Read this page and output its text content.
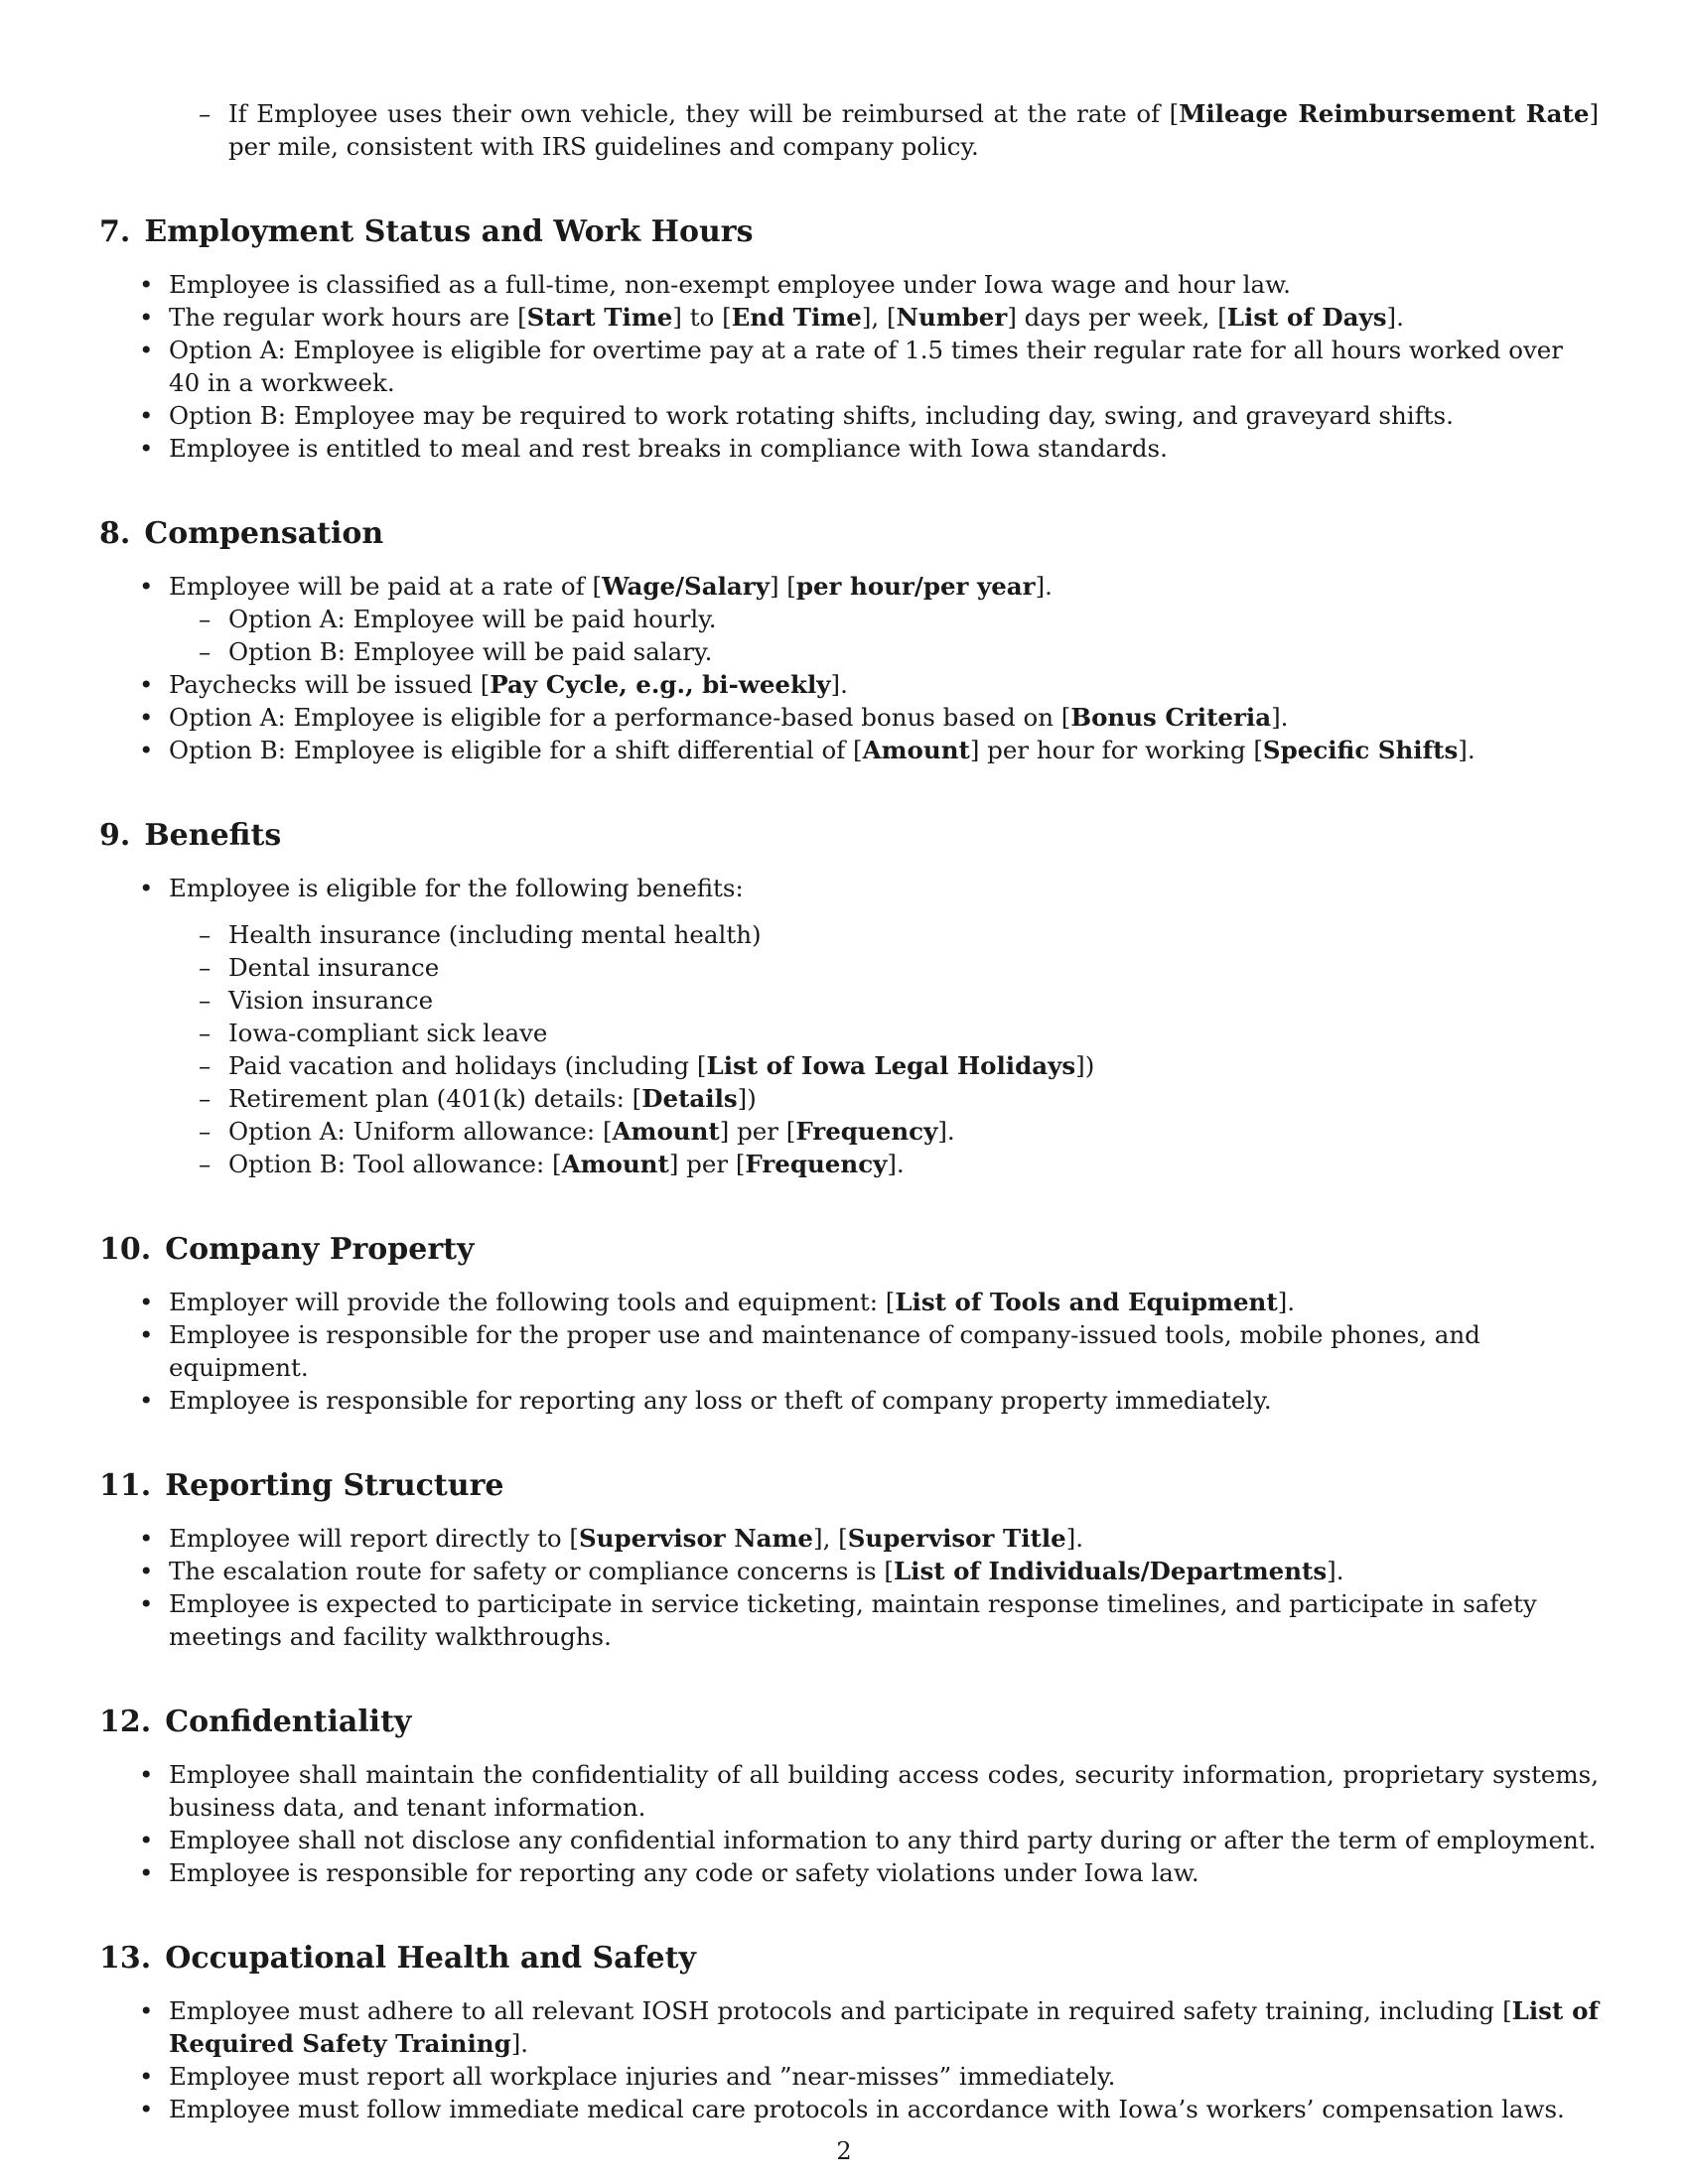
– If Employee uses their own vehicle, they will be reimbursed at the rate of [Mileage Reimbursement Rate] per mile, consistent with IRS guidelines and company policy.
7. Employment Status and Work Hours
• Employee is classified as a full-time, non-exempt employee under Iowa wage and hour law.
• The regular work hours are [Start Time] to [End Time], [Number] days per week, [List of Days].
• Option A: Employee is eligible for overtime pay at a rate of 1.5 times their regular rate for all hours worked over 40 in a workweek.
• Option B: Employee may be required to work rotating shifts, including day, swing, and graveyard shifts.
• Employee is entitled to meal and rest breaks in compliance with Iowa standards.
8. Compensation
• Employee will be paid at a rate of [Wage/Salary] [per hour/per year].
– Option A: Employee will be paid hourly.
– Option B: Employee will be paid salary.
• Paychecks will be issued [Pay Cycle, e.g., bi-weekly].
• Option A: Employee is eligible for a performance-based bonus based on [Bonus Criteria].
• Option B: Employee is eligible for a shift differential of [Amount] per hour for working [Specific Shifts].
9. Benefits
• Employee is eligible for the following benefits:
– Health insurance (including mental health)
– Dental insurance
– Vision insurance
– Iowa-compliant sick leave
– Paid vacation and holidays (including [List of Iowa Legal Holidays])
– Retirement plan (401(k) details: [Details])
– Option A: Uniform allowance: [Amount] per [Frequency].
– Option B: Tool allowance: [Amount] per [Frequency].
10. Company Property
• Employer will provide the following tools and equipment: [List of Tools and Equipment].
• Employee is responsible for the proper use and maintenance of company-issued tools, mobile phones, and equipment.
• Employee is responsible for reporting any loss or theft of company property immediately.
11. Reporting Structure
• Employee will report directly to [Supervisor Name], [Supervisor Title].
• The escalation route for safety or compliance concerns is [List of Individuals/Departments].
• Employee is expected to participate in service ticketing, maintain response timelines, and participate in safety meetings and facility walkthroughs.
12. Confidentiality
• Employee shall maintain the confidentiality of all building access codes, security information, proprietary systems, business data, and tenant information.
• Employee shall not disclose any confidential information to any third party during or after the term of employment.
• Employee is responsible for reporting any code or safety violations under Iowa law.
13. Occupational Health and Safety
• Employee must adhere to all relevant IOSH protocols and participate in required safety training, including [List of Required Safety Training].
• Employee must report all workplace injuries and ”near-misses” immediately.
• Employee must follow immediate medical care protocols in accordance with Iowa’s workers’ compensation laws.
2
